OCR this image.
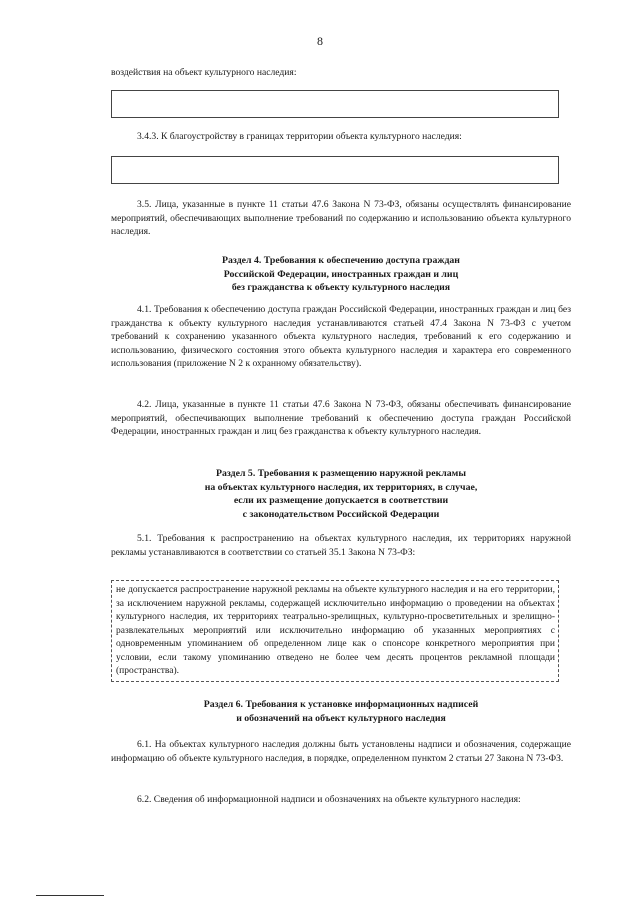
8
воздействия на объект культурного наследия:
3.4.3. К благоустройству в границах территории объекта культурного наследия:
3.5. Лица, указанные в пункте 11 статьи 47.6 Закона N 73-ФЗ, обязаны осуществлять финансирование мероприятий, обеспечивающих выполнение требований по содержанию и использованию объекта культурного наследия.
Раздел 4. Требования к обеспечению доступа граждан
Российской Федерации, иностранных граждан и лиц
без гражданства к объекту культурного наследия
4.1. Требования к обеспечению доступа граждан Российской Федерации, иностранных граждан и лиц без гражданства к объекту культурного наследия устанавливаются статьей 47.4 Закона N 73-ФЗ с учетом требований к сохранению указанного объекта культурного наследия, требований к его содержанию и использованию, физического состояния этого объекта культурного наследия и характера его современного использования (приложение N 2 к охранному обязательству).
4.2. Лица, указанные в пункте 11 статьи 47.6 Закона N 73-ФЗ, обязаны обеспечивать финансирование мероприятий, обеспечивающих выполнение требований к обеспечению доступа граждан Российской Федерации, иностранных граждан и лиц без гражданства к объекту культурного наследия.
Раздел 5. Требования к размещению наружной рекламы
на объектах культурного наследия, их территориях, в случае,
если их размещение допускается в соответствии
с законодательством Российской Федерации
5.1. Требования к распространению на объектах культурного наследия, их территориях наружной рекламы устанавливаются в соответствии со статьей 35.1 Закона N 73-ФЗ:
не допускается распространение наружной рекламы на объекте культурного наследия и на его территории, за исключением наружной рекламы, содержащей исключительно информацию о проведении на объектах культурного наследия, их территориях театрально-зрелищных, культурно-просветительных и зрелищно-развлекательных мероприятий или исключительно информацию об указанных мероприятиях с одновременным упоминанием об определенном лице как о спонсоре конкретного мероприятия при условии, если такому упоминанию отведено не более чем десять процентов рекламной площади (пространства).
Раздел 6. Требования к установке информационных надписей
и обозначений на объект культурного наследия
6.1. На объектах культурного наследия должны быть установлены надписи и обозначения, содержащие информацию об объекте культурного наследия, в порядке, определенном пунктом 2 статьи 27 Закона N 73-ФЗ.
6.2. Сведения об информационной надписи и обозначениях на объекте культурного наследия:
